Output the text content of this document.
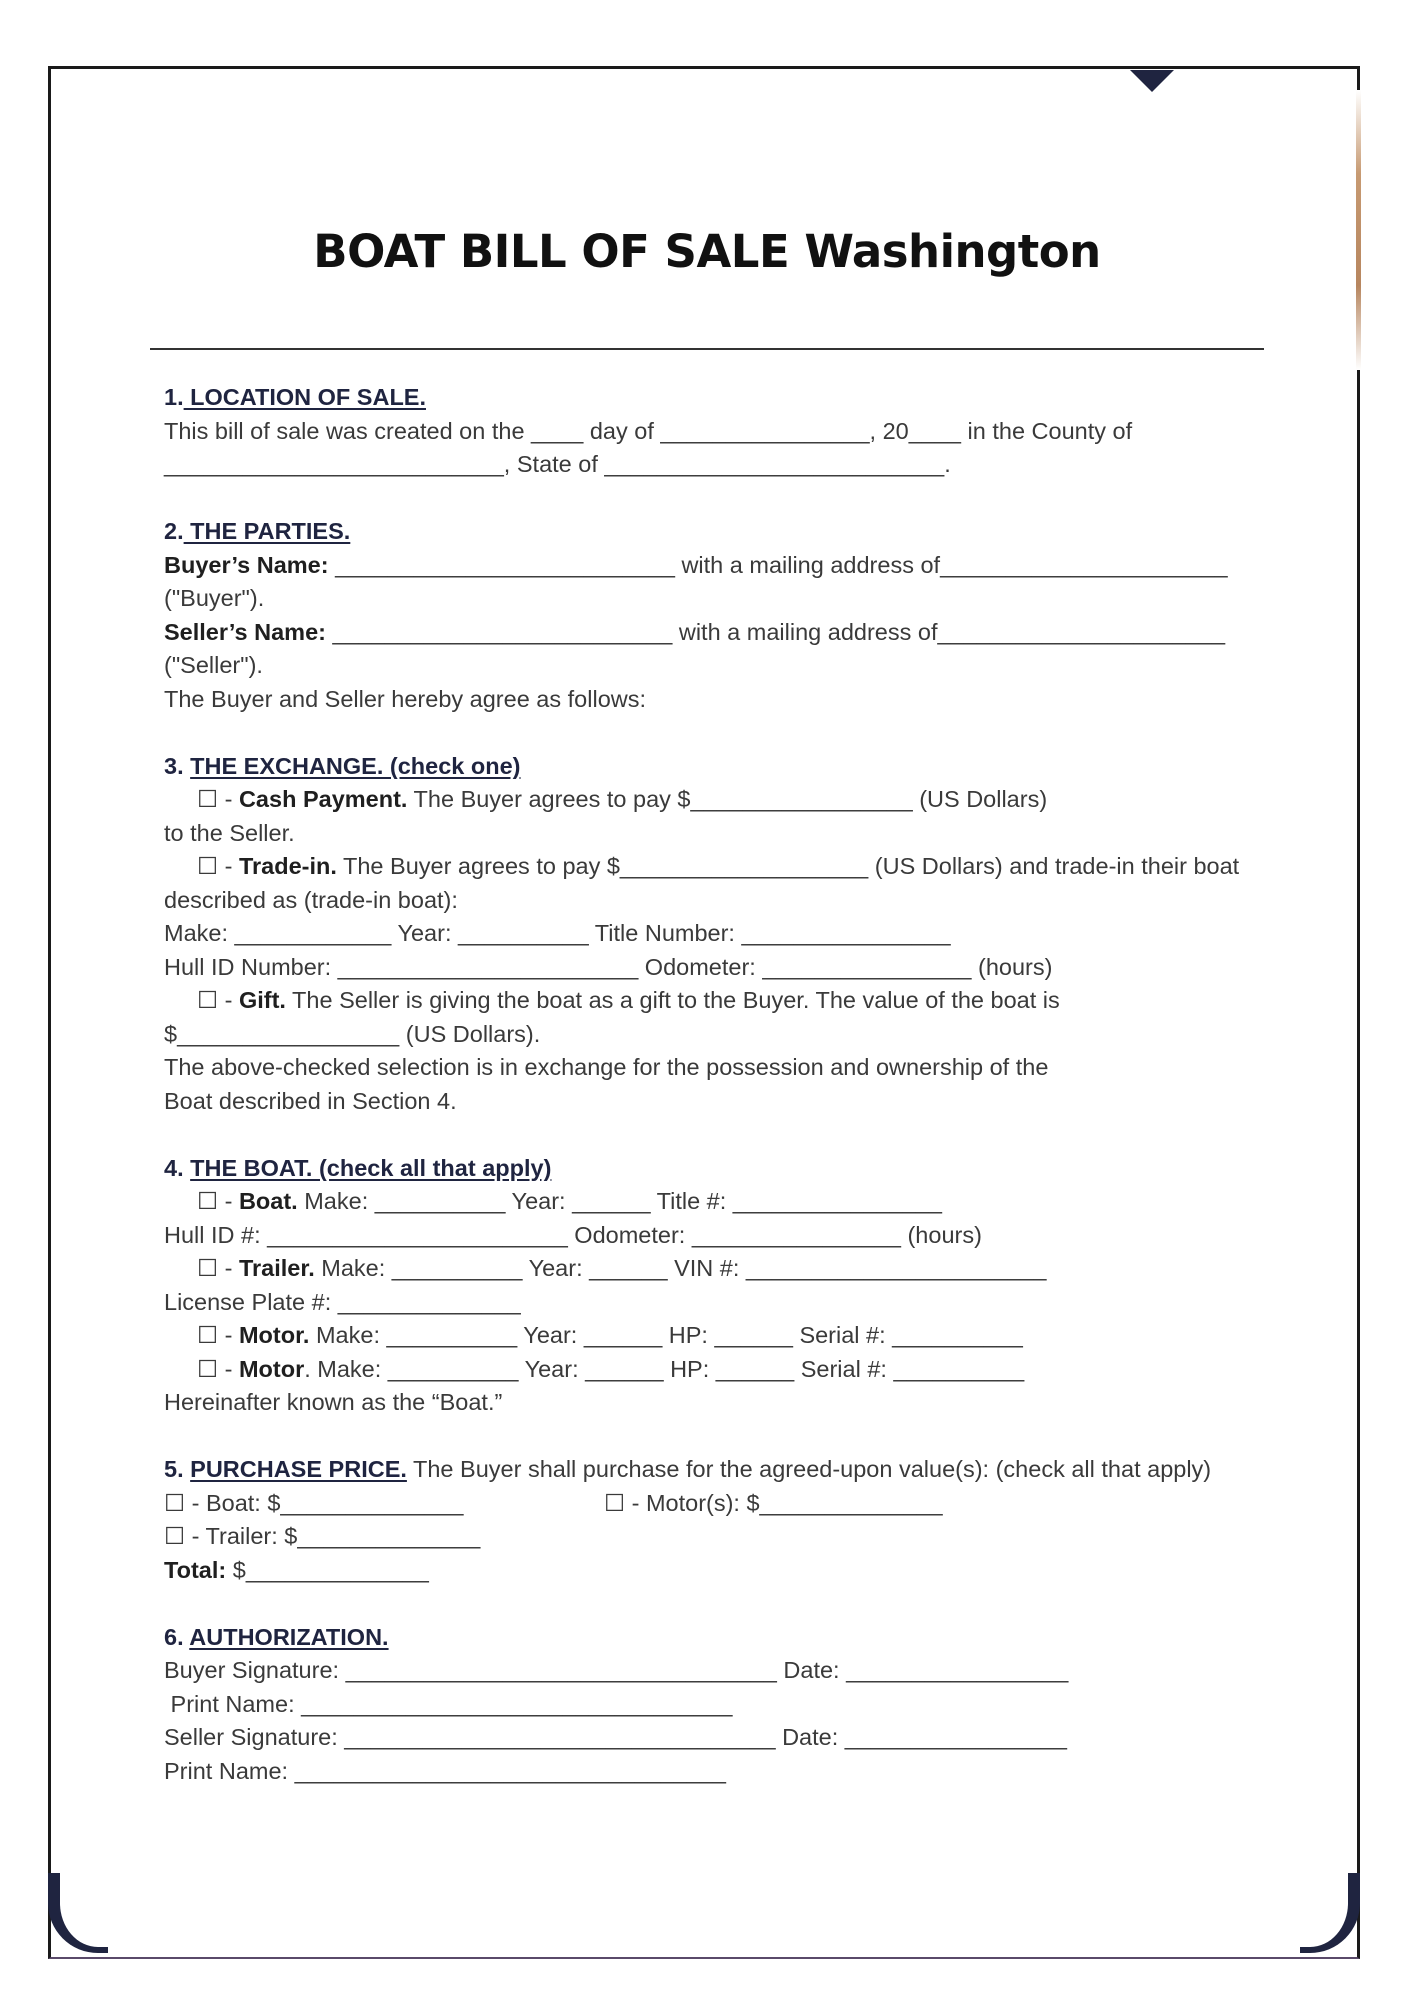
BOAT BILL OF SALE Washington
1. LOCATION OF SALE.
This bill of sale was created on the ____ day of ________________, 20____ in the County of
__________________________, State of __________________________.
2. THE PARTIES.
Buyer’s Name: __________________________ with a mailing address of______________________
("Buyer").
Seller’s Name: __________________________ with a mailing address of______________________
("Seller").
The Buyer and Seller hereby agree as follows:
3. THE EXCHANGE. (check one)
☐ - Cash Payment. The Buyer agrees to pay $_________________ (US Dollars)
to the Seller.
☐ - Trade-in. The Buyer agrees to pay $___________________ (US Dollars) and trade-in their boat
described as (trade-in boat):
Make: ____________ Year: __________ Title Number: ________________
Hull ID Number: _______________________ Odometer: ________________ (hours)
☐ - Gift. The Seller is giving the boat as a gift to the Buyer. The value of the boat is
$_________________ (US Dollars).
The above-checked selection is in exchange for the possession and ownership of the
Boat described in Section 4.
4. THE BOAT. (check all that apply)
☐ - Boat. Make: __________ Year: ______ Title #: ________________
Hull ID #: _______________________ Odometer: ________________ (hours)
☐ - Trailer. Make: __________ Year: ______ VIN #: _______________________
License Plate #: ______________
☐ - Motor. Make: __________ Year: ______ HP: ______ Serial #: __________
☐ - Motor. Make: __________ Year: ______ HP: ______ Serial #: __________
Hereinafter known as the “Boat.”
5. PURCHASE PRICE. The Buyer shall purchase for the agreed-upon value(s): (check all that apply)
☐ - Boat: $______________	☐ - Motor(s): $______________
☐ - Trailer: $______________
Total: $______________
6. AUTHORIZATION.
Buyer Signature: _________________________________ Date: _________________
Print Name: _________________________________
Seller Signature: _________________________________ Date: _________________
Print Name: _________________________________
